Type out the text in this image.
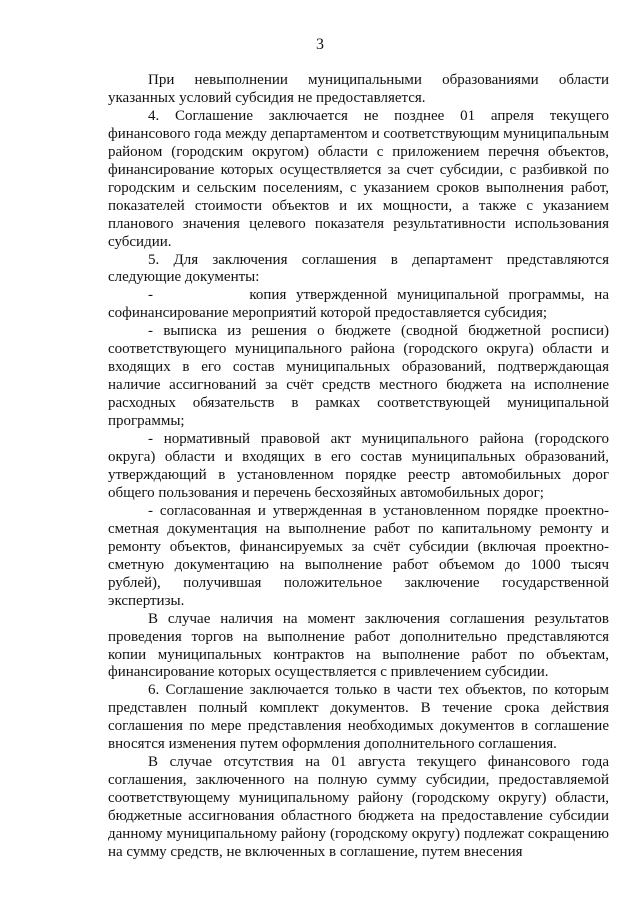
3

При невыполнении муниципальными образованиями области указанных условий субсидия не предоставляется.

4. Соглашение заключается не позднее 01 апреля текущего финансового года между департаментом и соответствующим муниципальным районом (городским округом) области с приложением перечня объектов, финансирование которых осуществляется за счет субсидии, с разбивкой по городским и сельским поселениям, с указанием сроков выполнения работ, показателей стоимости объектов и их мощности, а также с указанием планового значения целевого показателя результативности использования субсидии.

5. Для заключения соглашения в департамент представляются следующие документы:

-          копия утвержденной муниципальной программы, на софинансирование мероприятий которой предоставляется субсидия;

- выписка из решения о бюджете (сводной бюджетной росписи) соответствующего муниципального района (городского округа) области и входящих в его состав муниципальных образований, подтверждающая наличие ассигнований за счёт средств местного бюджета на исполнение расходных обязательств в рамках соответствующей муниципальной программы;

- нормативный правовой акт муниципального района (городского округа) области и входящих в его состав муниципальных образований, утверждающий в установленном порядке реестр автомобильных дорог общего пользования и перечень бесхозяйных автомобильных дорог;

- согласованная и утвержденная в установленном порядке проектно-сметная документация на выполнение работ по капитальному ремонту и ремонту объектов, финансируемых за счёт субсидии (включая проектно-сметную документацию на выполнение работ объемом до 1000 тысяч рублей), получившая положительное заключение государственной экспертизы.

В случае наличия на момент заключения соглашения результатов проведения торгов на выполнение работ дополнительно представляются копии муниципальных контрактов на выполнение работ по объектам, финансирование которых осуществляется с привлечением субсидии.

6. Соглашение заключается только в части тех объектов, по которым представлен полный комплект документов. В течение срока действия соглашения по мере представления необходимых документов в соглашение вносятся изменения путем оформления дополнительного соглашения.

В случае отсутствия на 01 августа текущего финансового года соглашения, заключенного на полную сумму субсидии, предоставляемой соответствующему муниципальному району (городскому округу) области, бюджетные ассигнования областного бюджета на предоставление субсидии данному муниципальному району (городскому округу) подлежат сокращению на сумму средств, не включенных в соглашение, путем внесения
